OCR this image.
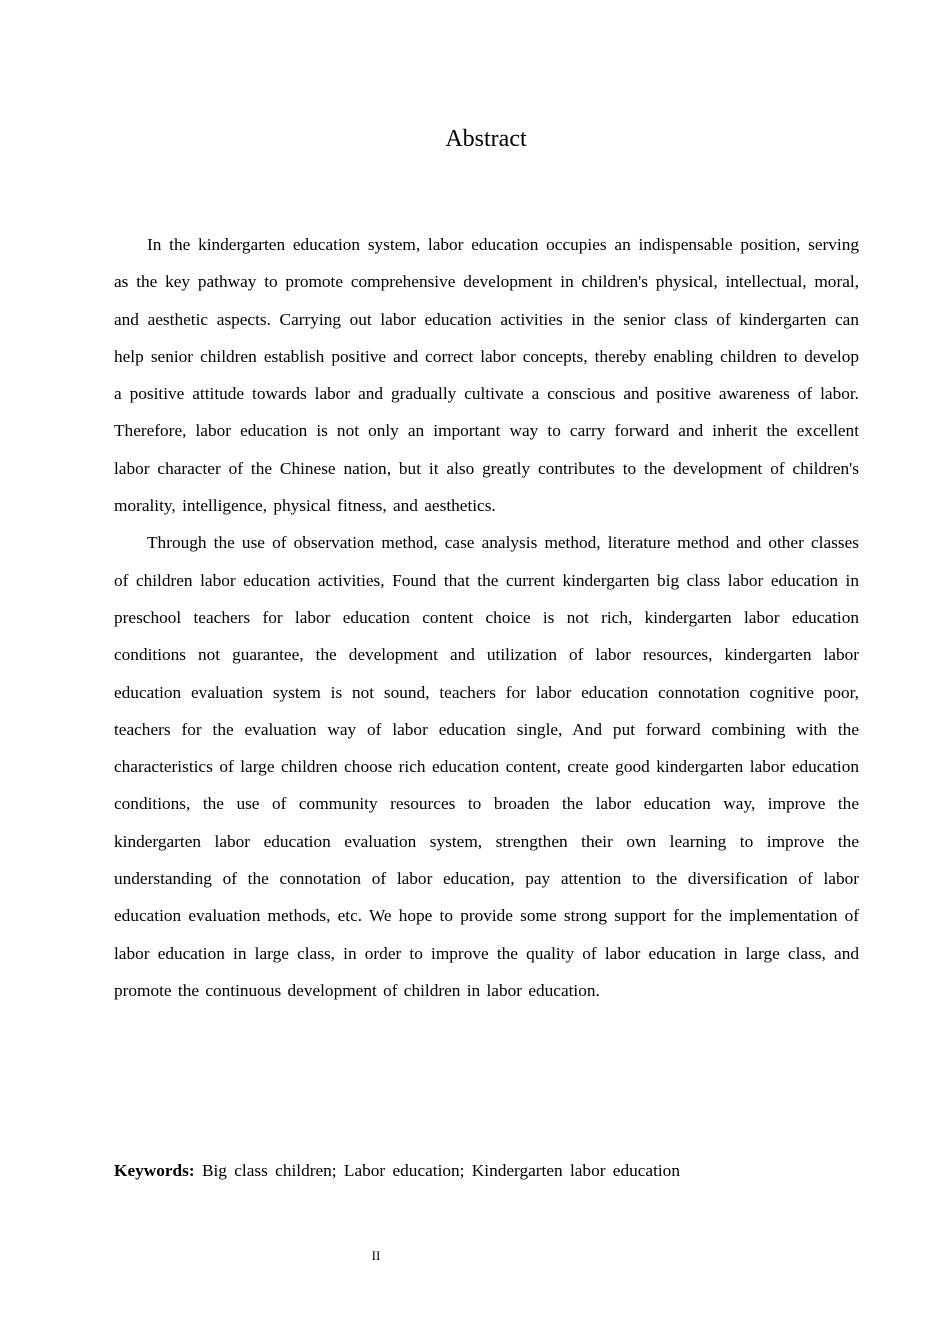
Abstract

In the kindergarten education system, labor education occupies an indispensable position, serving as the key pathway to promote comprehensive development in children's physical, intellectual, moral, and aesthetic aspects. Carrying out labor education activities in the senior class of kindergarten can help senior children establish positive and correct labor concepts, thereby enabling children to develop a positive attitude towards labor and gradually cultivate a conscious and positive awareness of labor. Therefore, labor education is not only an important way to carry forward and inherit the excellent labor character of the Chinese nation, but it also greatly contributes to the development of children's morality, intelligence, physical fitness, and aesthetics.

Through the use of observation method, case analysis method, literature method and other classes of children labor education activities, Found that the current kindergarten big class labor education in preschool teachers for labor education content choice is not rich, kindergarten labor education conditions not guarantee, the development and utilization of labor resources, kindergarten labor education evaluation system is not sound, teachers for labor education connotation cognitive poor, teachers for the evaluation way of labor education single, And put forward combining with the characteristics of large children choose rich education content, create good kindergarten labor education conditions, the use of community resources to broaden the labor education way, improve the kindergarten labor education evaluation system, strengthen their own learning to improve the understanding of the connotation of labor education, pay attention to the diversification of labor education evaluation methods, etc. We hope to provide some strong support for the implementation of labor education in large class, in order to improve the quality of labor education in large class, and promote the continuous development of children in labor education.

Keywords: Big class children; Labor education; Kindergarten labor education
II
